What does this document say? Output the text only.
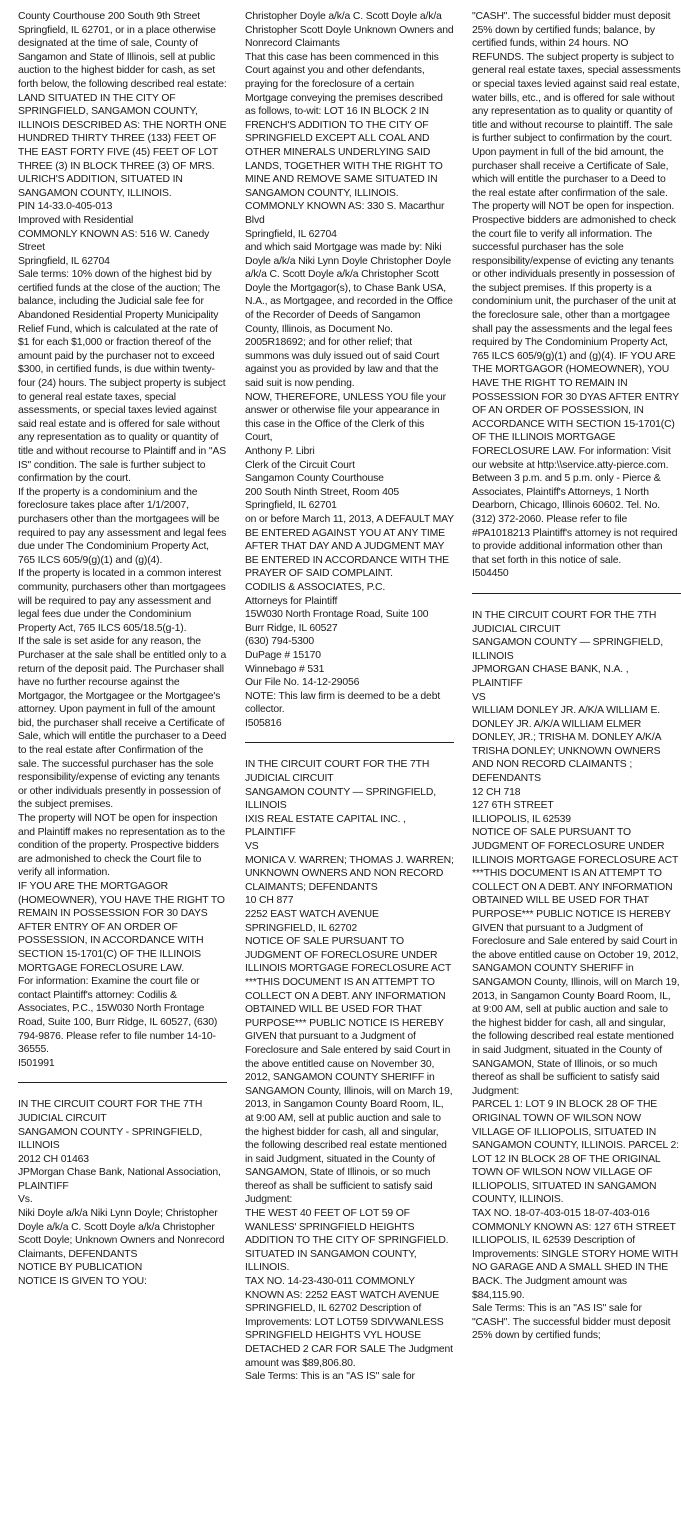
County Courthouse 200 South 9th Street Springfield, IL 62701, or in a place otherwise designated at the time of sale, County of Sangamon and State of Illinois, sell at public auction to the highest bidder for cash, as set forth below, the following described real estate: LAND SITUATED IN THE CITY OF SPRINGFIELD, SANGAMON COUNTY, ILLINOIS DESCRIBED AS: THE NORTH ONE HUNDRED THIRTY THREE (133) FEET OF THE EAST FORTY FIVE (45) FEET OF LOT THREE (3) IN BLOCK THREE (3) OF MRS. ULRICH'S ADDITION, SITUATED IN SANGAMON COUNTY, ILLINOIS.

PIN 14-33.0-405-013

Improved with Residential

COMMONLY KNOWN AS: 516 W. Canedy Street

Springfield, IL 62704

Sale terms: 10% down of the highest bid by certified funds at the close of the auction; The balance, including the Judicial sale fee for Abandoned Residential Property Municipality Relief Fund, which is calculated at the rate of $1 for each $1,000 or fraction thereof of the amount paid by the purchaser not to exceed $300, in certified funds, is due within twenty-four (24) hours. The subject property is subject to general real estate taxes, special assessments, or special taxes levied against said real estate and is offered for sale without any representation as to quality or quantity of title and without recourse to Plaintiff and in "AS IS" condition. The sale is further subject to confirmation by the court.

If the property is a condominium and the foreclosure takes place after 1/1/2007, purchasers other than the mortgagees will be required to pay any assessment and legal fees due under The Condominium Property Act, 765 ILCS 605/9(g)(1) and (g)(4).

If the property is located in a common interest community, purchasers other than mortgagees will be required to pay any assessment and legal fees due under the Condominium Property Act, 765 ILCS 605/18.5(g-1).

If the sale is set aside for any reason, the Purchaser at the sale shall be entitled only to a return of the deposit paid. The Purchaser shall have no further recourse against the Mortgagor, the Mortgagee or the Mortgagee's attorney. Upon payment in full of the amount bid, the purchaser shall receive a Certificate of Sale, which will entitle the purchaser to a Deed to the real estate after Confirmation of the sale. The successful purchaser has the sole responsibility/expense of evicting any tenants or other individuals presently in possession of the subject premises.

The property will NOT be open for inspection and Plaintiff makes no representation as to the condition of the property. Prospective bidders are admonished to check the Court file to verify all information.

IF YOU ARE THE MORTGAGOR (HOMEOWNER), YOU HAVE THE RIGHT TO REMAIN IN POSSESSION FOR 30 DAYS AFTER ENTRY OF AN ORDER OF POSSESSION, IN ACCORDANCE WITH SECTION 15-1701(C) OF THE ILLINOIS MORTGAGE FORECLOSURE LAW.

For information: Examine the court file or contact Plaintiff's attorney: Codilis & Associates, P.C., 15W030 North Frontage Road, Suite 100, Burr Ridge, IL 60527, (630) 794-9876. Please refer to file number 14-10-36555.

I501991

IN THE CIRCUIT COURT FOR THE 7TH JUDICIAL CIRCUIT

SANGAMON COUNTY - SPRINGFIELD, ILLINOIS

2012 CH 01463

JPMorgan Chase Bank, National Association, PLAINTIFF

Vs.

Niki Doyle a/k/a Niki Lynn Doyle; Christopher Doyle a/k/a C. Scott Doyle a/k/a Christopher Scott Doyle; Unknown Owners and Nonrecord Claimants, DEFENDANTS

NOTICE BY PUBLICATION

NOTICE IS GIVEN TO YOU:

Christopher Doyle a/k/a C. Scott Doyle a/k/a Christopher Scott Doyle Unknown Owners and Nonrecord Claimants

That this case has been commenced in this Court against you and other defendants, praying for the foreclosure of a certain Mortgage conveying the premises described as follows, to-wit: LOT 16 IN BLOCK 2 IN FRENCH'S ADDITION TO THE CITY OF SPRINGFIELD EXCEPT ALL COAL AND OTHER MINERALS UNDERLYING SAID LANDS, TOGETHER WITH THE RIGHT TO MINE AND REMOVE SAME SITUATED IN SANGAMON COUNTY, ILLINOIS.

COMMONLY KNOWN AS: 330 S. Macarthur Blvd

Springfield, IL 62704

and which said Mortgage was made by: Niki Doyle a/k/a Niki Lynn Doyle Christopher Doyle a/k/a C. Scott Doyle a/k/a Christopher Scott Doyle the Mortgagor(s), to Chase Bank USA, N.A., as Mortgagee, and recorded in the Office of the Recorder of Deeds of Sangamon County, Illinois, as Document No. 2005R18692; and for other relief; that summons was duly issued out of said Court against you as provided by law and that the said suit is now pending.

NOW, THEREFORE, UNLESS YOU file your answer or otherwise file your appearance in this case in the Office of the Clerk of this Court,

Anthony P. Libri

Clerk of the Circuit Court

Sangamon County Courthouse

200 South Ninth Street, Room 405

Springfield, IL 62701

on or before March 11, 2013, A DEFAULT MAY BE ENTERED AGAINST YOU AT ANY TIME AFTER THAT DAY AND A JUDGMENT MAY BE ENTERED IN ACCORDANCE WITH THE PRAYER OF SAID COMPLAINT.

CODILIS & ASSOCIATES, P.C.

Attorneys for Plaintiff

15W030 North Frontage Road, Suite 100

Burr Ridge, IL 60527

(630) 794-5300

DuPage # 15170

Winnebago # 531

Our File No. 14-12-29056

NOTE: This law firm is deemed to be a debt collector.

I505816

IN THE CIRCUIT COURT FOR THE 7TH JUDICIAL CIRCUIT

SANGAMON COUNTY — SPRINGFIELD, ILLINOIS

IXIS REAL ESTATE CAPITAL INC. , PLAINTIFF

VS

MONICA V. WARREN; THOMAS J. WARREN; UNKNOWN OWNERS AND NON RECORD CLAIMANTS; DEFENDANTS

10 CH 877

2252 EAST WATCH AVENUE

SPRINGFIELD, IL 62702

NOTICE OF SALE PURSUANT TO JUDGMENT OF FORECLOSURE UNDER ILLINOIS MORTGAGE FORECLOSURE ACT

***THIS DOCUMENT IS AN ATTEMPT TO COLLECT ON A DEBT. ANY INFORMATION OBTAINED WILL BE USED FOR THAT PURPOSE*** PUBLIC NOTICE IS HEREBY GIVEN that pursuant to a Judgment of Foreclosure and Sale entered by said Court in the above entitled cause on November 30, 2012, SANGAMON COUNTY SHERIFF in SANGAMON County, Illinois, will on March 19, 2013, in Sangamon County Board Room, IL, at 9:00 AM, sell at public auction and sale to the highest bidder for cash, all and singular, the following described real estate mentioned in said Judgment, situated in the County of SANGAMON, State of Illinois, or so much thereof as shall be sufficient to satisfy said Judgment:

THE WEST 40 FEET OF LOT 59 OF WANLESS' SPRINGFIELD HEIGHTS ADDITION TO THE CITY OF SPRINGFIELD. SITUATED IN SANGAMON COUNTY, ILLINOIS.

TAX NO. 14-23-430-011 COMMONLY KNOWN AS: 2252 EAST WATCH AVENUE SPRINGFIELD, IL 62702 Description of Improvements: LOT LOT59 SDIVWANLESS SPRINGFIELD HEIGHTS VYL HOUSE DETACHED 2 CAR FOR SALE The Judgment amount was $89,806.80.

Sale Terms: This is an "AS IS" sale for

"CASH". The successful bidder must deposit 25% down by certified funds; balance, by certified funds, within 24 hours. NO REFUNDS. The subject property is subject to general real estate taxes, special assessments or special taxes levied against said real estate, water bills, etc., and is offered for sale without any representation as to quality or quantity of title and without recourse to plaintiff. The sale is further subject to confirmation by the court. Upon payment in full of the bid amount, the purchaser shall receive a Certificate of Sale, which will entitle the purchaser to a Deed to the real estate after confirmation of the sale. The property will NOT be open for inspection. Prospective bidders are admonished to check the court file to verify all information. The successful purchaser has the sole responsibility/expense of evicting any tenants or other individuals presently in possession of the subject premises. If this property is a condominium unit, the purchaser of the unit at the foreclosure sale, other than a mortgagee shall pay the assessments and the legal fees required by The Condominium Property Act, 765 ILCS 605/9(g)(1) and (g)(4). IF YOU ARE THE MORTGAGOR (HOMEOWNER), YOU HAVE THE RIGHT TO REMAIN IN POSSESSION FOR 30 DYAS AFTER ENTRY OF AN ORDER OF POSSESSION, IN ACCORDANCE WITH SECTION 15-1701(C) OF THE ILLINOIS MORTGAGE FORECLOSURE LAW. For information: Visit our website at http:\\service.atty-pierce.com. Between 3 p.m. and 5 p.m. only - Pierce & Associates, Plaintiff's Attorneys, 1 North Dearborn, Chicago, Illinois 60602. Tel. No. (312) 372-2060. Please refer to file #PA1018213 Plaintiff's attorney is not required to provide additional information other than that set forth in this notice of sale.

I504450

IN THE CIRCUIT COURT FOR THE 7TH JUDICIAL CIRCUIT

SANGAMON COUNTY — SPRINGFIELD, ILLINOIS

JPMORGAN CHASE BANK, N.A. , PLAINTIFF

VS

WILLIAM DONLEY JR. A/K/A WILLIAM E. DONLEY JR. A/K/A WILLIAM ELMER DONLEY, JR.; TRISHA M. DONLEY A/K/A TRISHA DONLEY; UNKNOWN OWNERS AND NON RECORD CLAIMANTS ; DEFENDANTS

12 CH 718

127 6TH STREET

ILLIOPOLIS, IL 62539

NOTICE OF SALE PURSUANT TO JUDGMENT OF FORECLOSURE UNDER ILLINOIS MORTGAGE FORECLOSURE ACT

***THIS DOCUMENT IS AN ATTEMPT TO COLLECT ON A DEBT. ANY INFORMATION OBTAINED WILL BE USED FOR THAT PURPOSE*** PUBLIC NOTICE IS HEREBY GIVEN that pursuant to a Judgment of Foreclosure and Sale entered by said Court in the above entitled cause on October 19, 2012, SANGAMON COUNTY SHERIFF in SANGAMON County, Illinois, will on March 19, 2013, in Sangamon County Board Room, IL, at 9:00 AM, sell at public auction and sale to the highest bidder for cash, all and singular, the following described real estate mentioned in said Judgment, situated in the County of SANGAMON, State of Illinois, or so much thereof as shall be sufficient to satisfy said Judgment:

PARCEL 1: LOT 9 IN BLOCK 28 OF THE ORIGINAL TOWN OF WILSON NOW VILLAGE OF ILLIOPOLIS, SITUATED IN SANGAMON COUNTY, ILLINOIS. PARCEL 2: LOT 12 IN BLOCK 28 OF THE ORIGINAL TOWN OF WILSON NOW VILLAGE OF ILLIOPOLIS, SITUATED IN SANGAMON COUNTY, ILLINOIS.

TAX NO. 18-07-403-015 18-07-403-016 COMMONLY KNOWN AS: 127 6TH STREET ILLIOPOLIS, IL 62539 Description of Improvements: SINGLE STORY HOME WITH NO GARAGE AND A SMALL SHED IN THE BACK. The Judgment amount was $84,115.90.

Sale Terms: This is an "AS IS" sale for "CASH". The successful bidder must deposit 25% down by certified funds;
